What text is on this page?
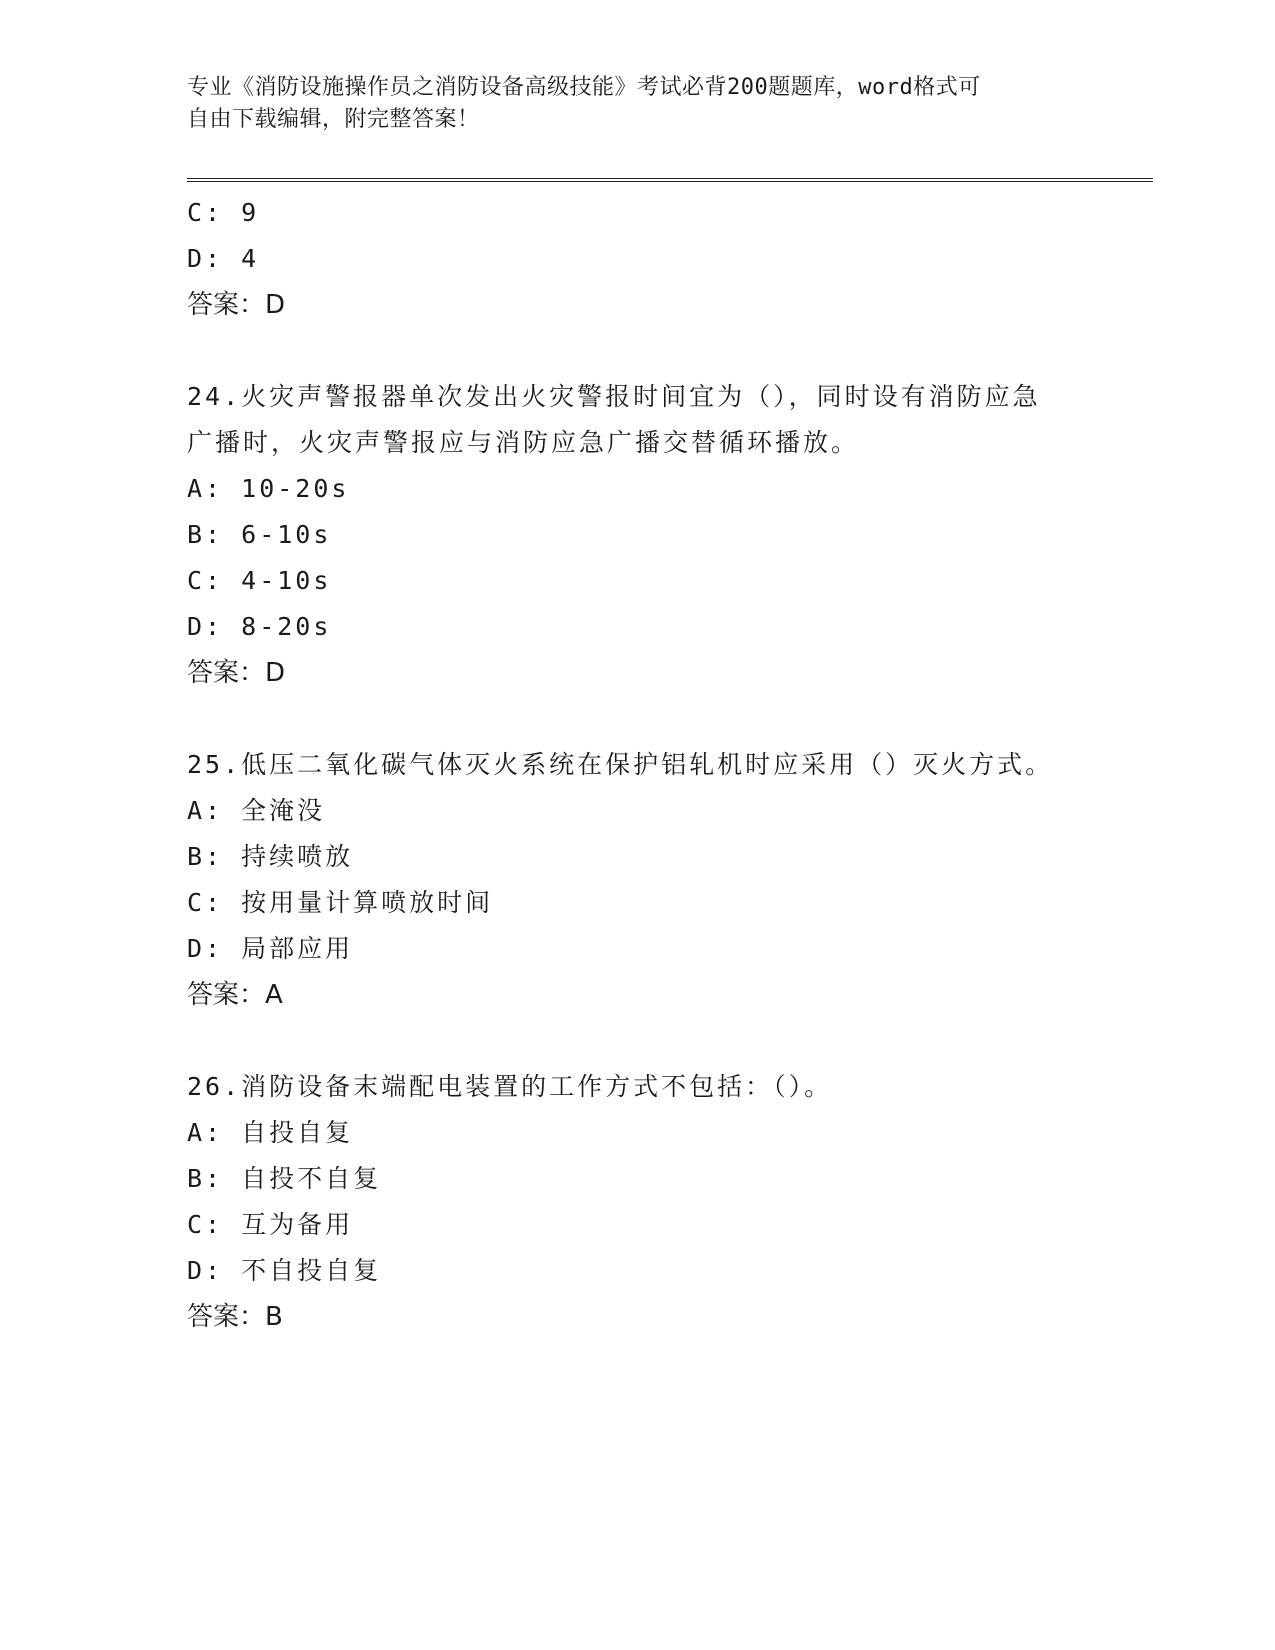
专业《消防设施操作员之消防设备高级技能》考试必背200题题库，word格式可
自由下载编辑，附完整答案！
C: 9
D: 4
答案：D
24.火灾声警报器单次发出火灾警报时间宜为（），同时设有消防应急
广播时，火灾声警报应与消防应急广播交替循环播放。
A: 10-20s
B: 6-10s
C: 4-10s
D: 8-20s
答案：D
25.低压二氧化碳气体灭火系统在保护铝轧机时应采用（）灭火方式。
A: 全淹没
B: 持续喷放
C: 按用量计算喷放时间
D: 局部应用
答案：A
26.消防设备末端配电装置的工作方式不包括：（）。
A: 自投自复
B: 自投不自复
C: 互为备用
D: 不自投自复
答案：B
